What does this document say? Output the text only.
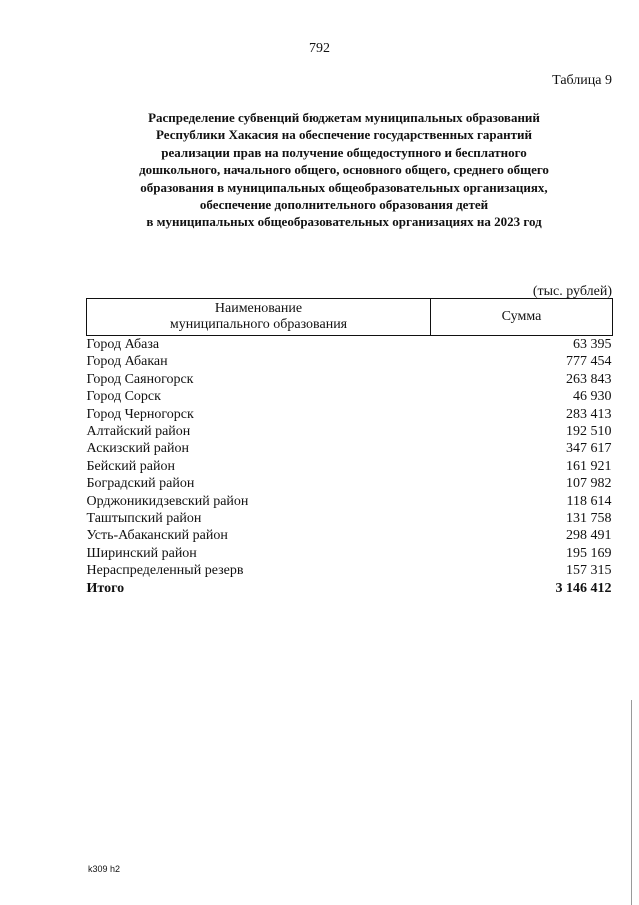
792
Таблица 9
Распределение субвенций бюджетам муниципальных образований
Республики Хакасия на обеспечение государственных гарантий
реализации прав на получение общедоступного и бесплатного
дошкольного, начального общего, основного общего, среднего общего
образования в муниципальных общеобразовательных организациях,
обеспечение дополнительного образования детей
в муниципальных общеобразовательных организациях на 2023 год
(тыс. рублей)
Наименование
муниципального образования	Сумма
Город Абаза	63 395
Город Абакан	777 454
Город Саяногорск	263 843
Город Сорск	46 930
Город Черногорск	283 413
Алтайский район	192 510
Аскизский район	347 617
Бейский район	161 921
Боградский район	107 982
Орджоникидзевский район	118 614
Таштыпский район	131 758
Усть-Абаканский район	298 491
Ширинский район	195 169
Нераспределенный резерв	157 315
Итого	3 146 412
k309 h2
